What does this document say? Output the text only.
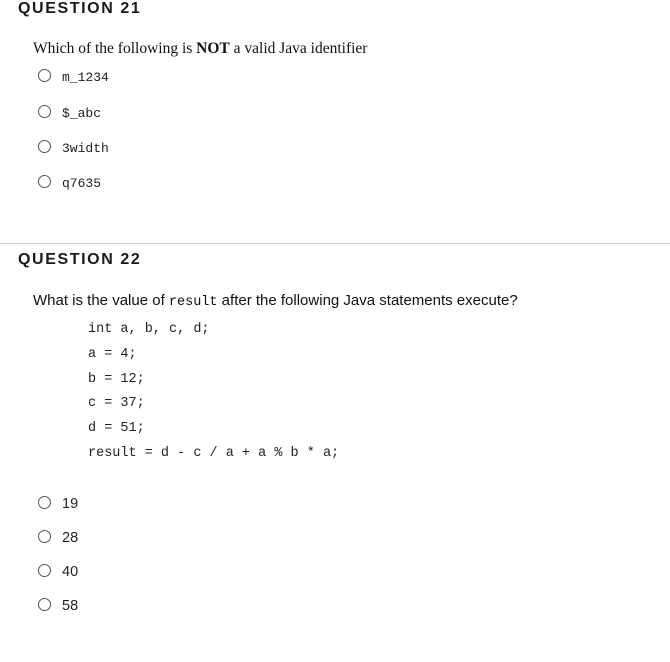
QUESTION 21

Which of the following is NOT a valid Java identifier

m_1234
$_abc
3width
q7635
QUESTION 22

What is the value of result after the following Java statements execute?

int a, b, c, d;
a = 4;
b = 12;
c = 37;
d = 51;
result = d - c / a + a % b * a;
19
28
40
58
